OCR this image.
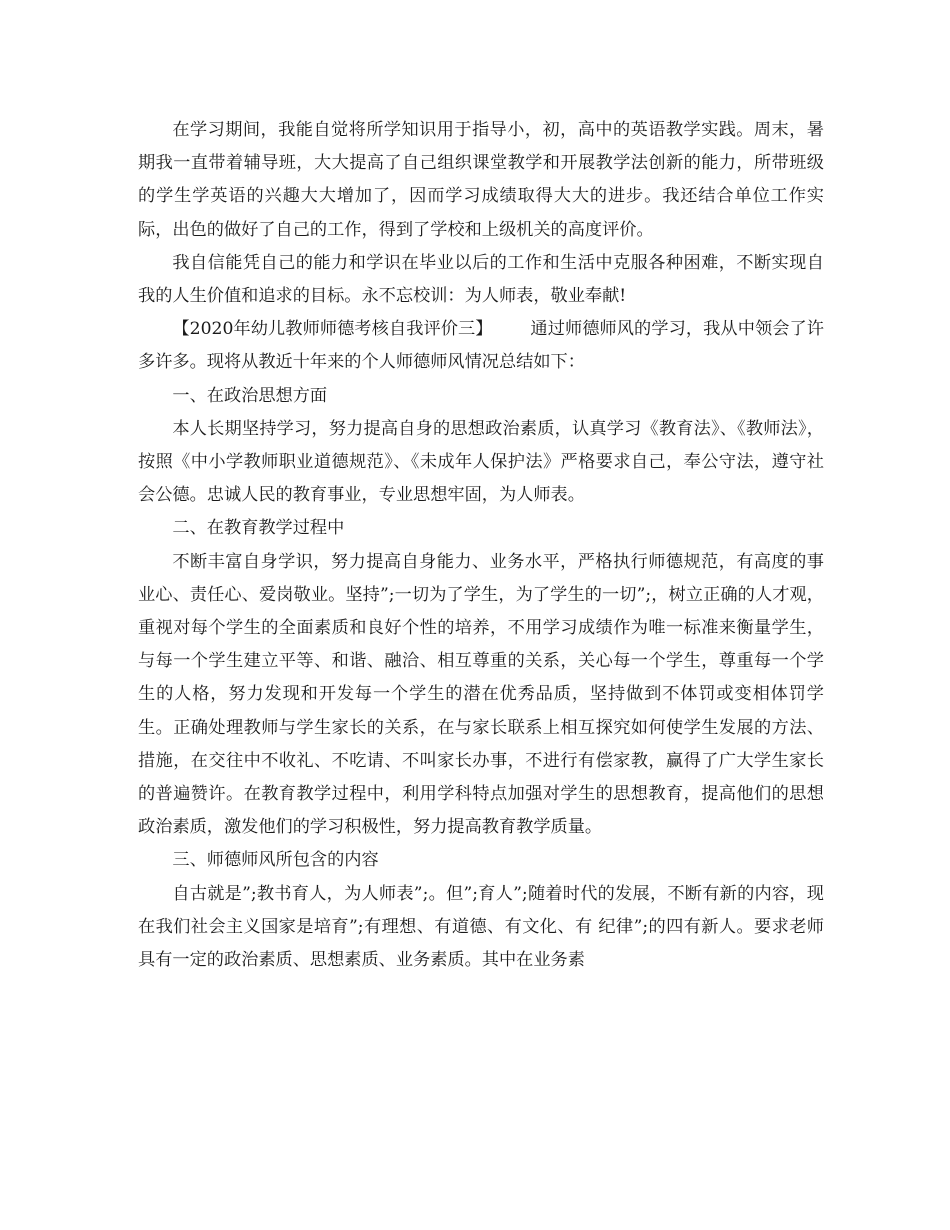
在学习期间，我能自觉将所学知识用于指导小，初，高中的英语教学实践。周末，暑期我一直带着辅导班，大大提高了自己组织课堂教学和开展教学法创新的能力，所带班级的学生学英语的兴趣大大增加了，因而学习成绩取得大大的进步。我还结合单位工作实际，出色的做好了自己的工作，得到了学校和上级机关的高度评价。

我自信能凭自己的能力和学识在毕业以后的工作和生活中克服各种困难，不断实现自我的人生价值和追求的目标。永不忘校训：为人师表，敬业奉献!

【2020年幼儿教师师德考核自我评价三】 通过师德师风的学习，我从中领会了许多许多。现将从教近十年来的个人师德师风情况总结如下：

一、在政治思想方面

本人长期坚持学习，努力提高自身的思想政治素质，认真学习《教育法》、《教师法》，按照《中小学教师职业道德规范》、《未成年人保护法》严格要求自己，奉公守法，遵守社会公德。忠诚人民的教育事业，专业思想牢固，为人师表。

二、在教育教学过程中

不断丰富自身学识，努力提高自身能力、业务水平，严格执行师德规范，有高度的事业心、责任心、爱岗敬业。坚持”;一切为了学生，为了学生的一切”;，树立正确的人才观，重视对每个学生的全面素质和良好个性的培养，不用学习成绩作为唯一标准来衡量学生，与每一个学生建立平等、和谐、融洽、相互尊重的关系，关心每一个学生，尊重每一个学生的人格，努力发现和开发每一个学生的潜在优秀品质，坚持做到不体罚或变相体罚学生。正确处理教师与学生家长的关系，在与家长联系上相互探究如何使学生发展的方法、措施，在交往中不收礼、不吃请、不叫家长办事，不进行有偿家教，赢得了广大学生家长的普遍赞许。在教育教学过程中，利用学科特点加强对学生的思想教育，提高他们的思想政治素质，激发他们的学习积极性，努力提高教育教学质量。

三、师德师风所包含的内容

自古就是”;教书育人，为人师表”;。但”;育人”;随着时代的发展，不断有新的内容，现在我们社会主义国家是培育”;有理想、有道德、有文化、有 纪律”;的四有新人。要求老师具有一定的政治素质、思想素质、业务素质。其中在业务素
